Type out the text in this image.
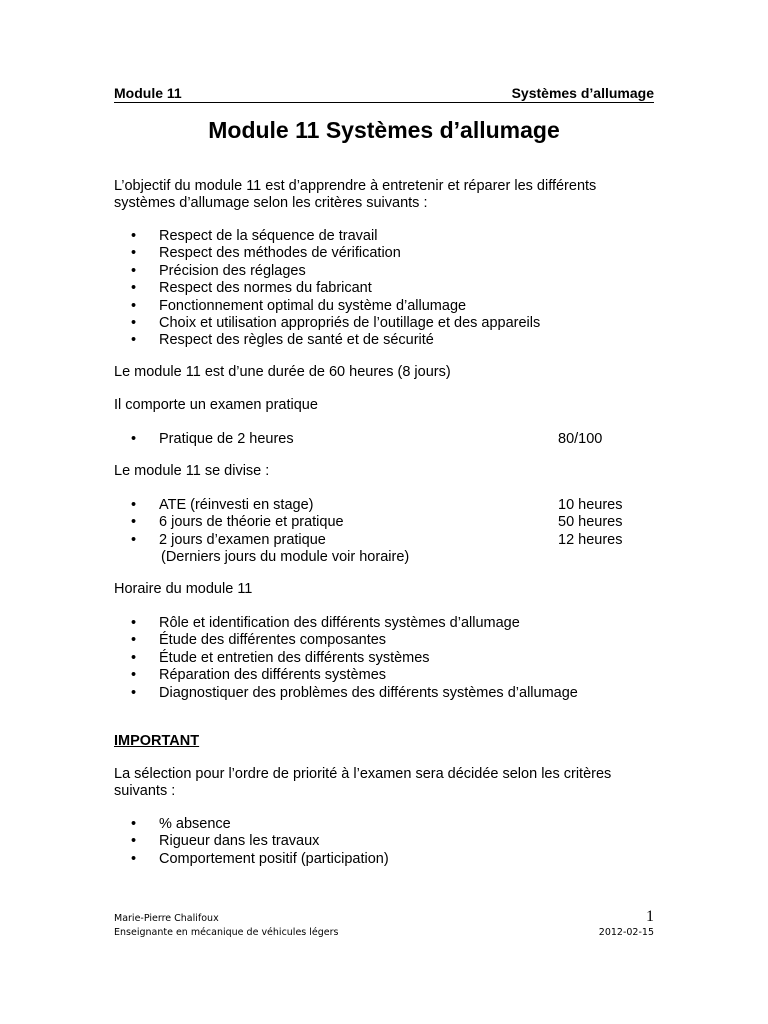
Module 11	Systèmes d’allumage
Module 11 Systèmes d’allumage
L’objectif du module 11 est d’apprendre à entretenir et réparer les différents
systèmes d’allumage selon les critères suivants :
• Respect de la séquence de travail
• Respect des méthodes de vérification
• Précision des réglages
• Respect des normes du fabricant
• Fonctionnement optimal du système d’allumage
• Choix et utilisation appropriés de l’outillage et des appareils
• Respect des règles de santé et de sécurité
Le module 11 est d’une durée de 60 heures (8 jours)
Il comporte un examen pratique
• Pratique de 2 heures	80/100
Le module 11 se divise :
• ATE (réinvesti en stage)	10 heures
• 6 jours de théorie et pratique	50 heures
• 2 jours d’examen pratique	12 heures
(Derniers jours du module voir horaire)
Horaire du module 11
• Rôle et identification des différents systèmes d’allumage
• Étude des différentes composantes
• Étude et entretien des différents systèmes
• Réparation des différents systèmes
• Diagnostiquer des problèmes des différents systèmes d’allumage
IMPORTANT
La sélection pour l’ordre de priorité à l’examen sera décidée selon les critères
suivants :
• % absence
• Rigueur dans les travaux
• Comportement positif (participation)
Marie-Pierre Chalifoux
Enseignante en mécanique de véhicules légers
1
2012-02-15
